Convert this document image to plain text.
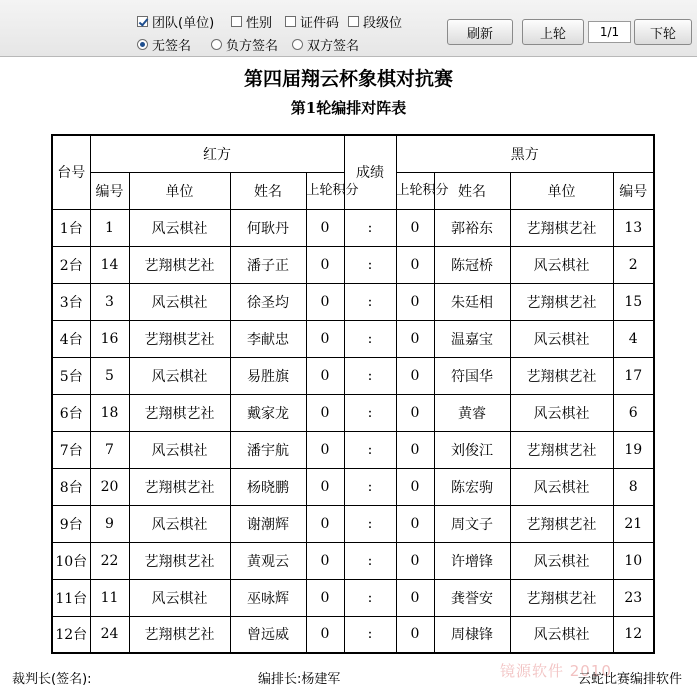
团队(单位) 性别 证件码 段级位
无签名	负方签名 双方签名
刷新	上轮	1/1	下轮
第四届翔云杯象棋对抗赛
第1轮编排对阵表
台号	红方				成绩	黑方			
	编号	单位	姓名	上轮积分		上轮积分	姓名	单位	编号
1台	1	风云棋社	何耿丹	0	:	0	郭裕东	艺翔棋艺社	13
2台	14	艺翔棋艺社	潘子正	0	:	0	陈冠桥	风云棋社	2
3台	3	风云棋社	徐圣均	0	:	0	朱廷相	艺翔棋艺社	15
4台	16	艺翔棋艺社	李献忠	0	:	0	温嘉宝	风云棋社	4
5台	5	风云棋社	易胜旗	0	:	0	符国华	艺翔棋艺社	17
6台	18	艺翔棋艺社	戴家龙	0	:	0	黄睿	风云棋社	6
7台	7	风云棋社	潘宇航	0	:	0	刘俊江	艺翔棋艺社	19
8台	20	艺翔棋艺社	杨晓鹏	0	:	0	陈宏驹	风云棋社	8
9台	9	风云棋社	谢潮辉	0	:	0	周文子	艺翔棋艺社	21
10台	22	艺翔棋艺社	黄观云	0	:	0	许增锋	风云棋社	10
11台	11	风云棋社	巫咏辉	0	:	0	龚誉安	艺翔棋艺社	23
12台	24	艺翔棋艺社	曾远威	0	:	0	周棣锋	风云棋社	12
裁判长(签名):	编排长:杨建军	镜源软件 2010
云蛇比赛编排软件
